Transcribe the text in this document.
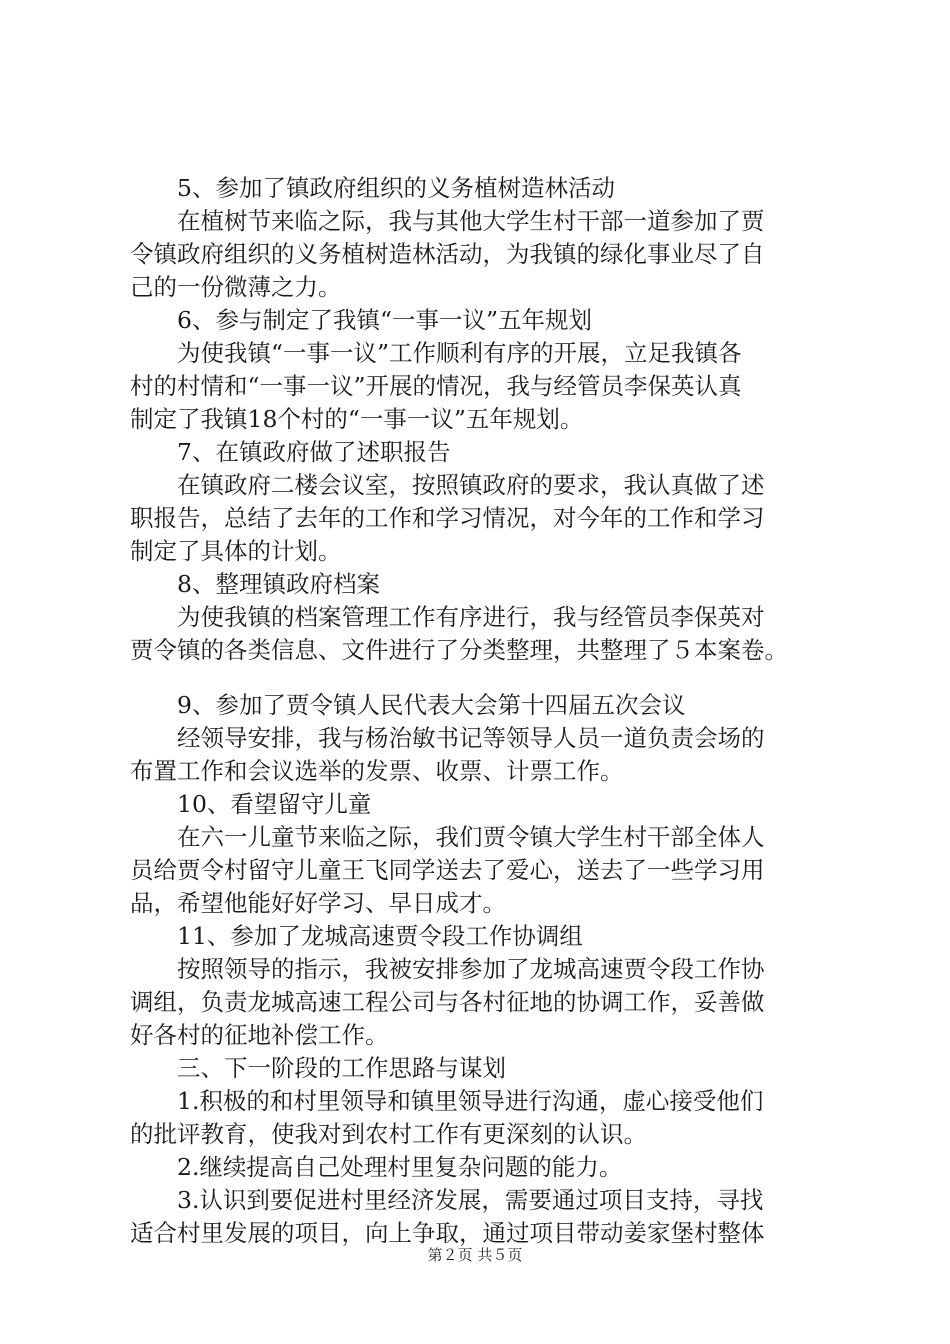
5、参加了镇政府组织的义务植树造林活动
在植树节来临之际，我与其他大学生村干部一道参加了贾
令镇政府组织的义务植树造林活动，为我镇的绿化事业尽了自
己的一份微薄之力。
6、参与制定了我镇“一事一议”五年规划
为使我镇“一事一议”工作顺利有序的开展，立足我镇各
村的村情和“一事一议”开展的情况，我与经管员李保英认真
制定了我镇18个村的“一事一议”五年规划。
7、在镇政府做了述职报告
在镇政府二楼会议室，按照镇政府的要求，我认真做了述
职报告，总结了去年的工作和学习情况，对今年的工作和学习
制定了具体的计划。
8、整理镇政府档案
为使我镇的档案管理工作有序进行，我与经管员李保英对
贾令镇的各类信息、文件进行了分类整理，共整理了５本案卷。
9、参加了贾令镇人民代表大会第十四届五次会议
经领导安排，我与杨治敏书记等领导人员一道负责会场的
布置工作和会议选举的发票、收票、计票工作。
10、看望留守儿童
在六一儿童节来临之际，我们贾令镇大学生村干部全体人
员给贾令村留守儿童王飞同学送去了爱心，送去了一些学习用
品，希望他能好好学习、早日成才。
11、参加了龙城高速贾令段工作协调组
按照领导的指示，我被安排参加了龙城高速贾令段工作协
调组，负责龙城高速工程公司与各村征地的协调工作，妥善做
好各村的征地补偿工作。
三、下一阶段的工作思路与谋划
1.积极的和村里领导和镇里领导进行沟通，虚心接受他们
的批评教育，使我对到农村工作有更深刻的认识。
2.继续提高自己处理村里复杂问题的能力。
3.认识到要促进村里经济发展，需要通过项目支持，寻找
适合村里发展的项目，向上争取，通过项目带动姜家堡村整体
第２页 共５页
